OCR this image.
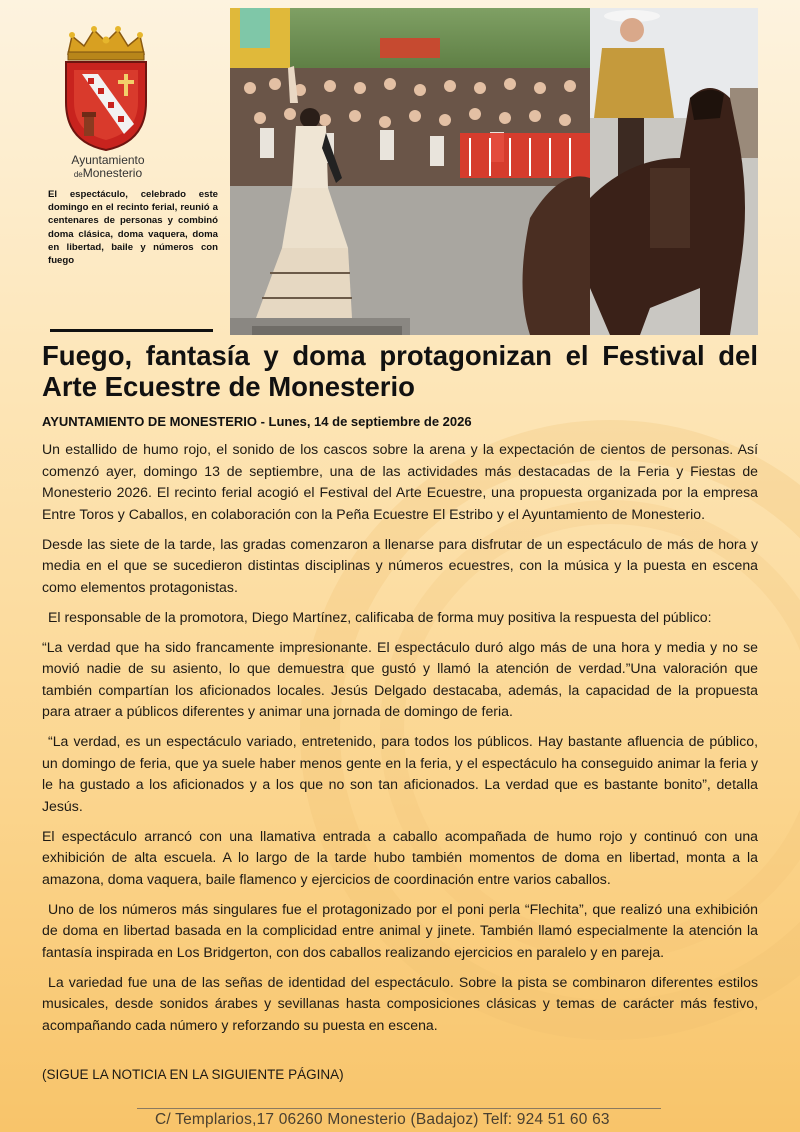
Ayuntamiento
deMonesterio
El espectáculo, celebrado este domingo en el recinto ferial, reunió a centenares de personas y combinó doma clásica, doma vaquera, doma en libertad, baile y números con fuego
Fuego, fantasía y doma protagonizan el Festival del Arte Ecuestre de Monesterio
AYUNTAMIENTO DE MONESTERIO - Lunes, 14 de septiembre de 2026

Un estallido de humo rojo, el sonido de los cascos sobre la arena y la expectación de cientos de personas. Así comenzó ayer, domingo 13 de septiembre, una de las actividades más destacadas de la Feria y Fiestas de Monesterio 2026. El recinto ferial acogió el Festival del Arte Ecuestre, una propuesta organizada por la empresa Entre Toros y Caballos, en colaboración con la Peña Ecuestre El Estribo y el Ayuntamiento de Monesterio.

Desde las siete de la tarde, las gradas comenzaron a llenarse para disfrutar de un espectáculo de más de hora y media en el que se sucedieron distintas disciplinas y números ecuestres, con la música y la puesta en escena como elementos protagonistas.

El responsable de la promotora, Diego Martínez, calificaba de forma muy positiva la respuesta del público:

“La verdad que ha sido francamente impresionante. El espectáculo duró algo más de una hora y media y no se movió nadie de su asiento, lo que demuestra que gustó y llamó la atención de verdad.”Una valoración que también compartían los aficionados locales. Jesús Delgado destacaba, además, la capacidad de la propuesta para atraer a públicos diferentes y animar una jornada de domingo de feria.

“La verdad, es un espectáculo variado, entretenido, para todos los públicos. Hay bastante afluencia de público, un domingo de feria, que ya suele haber menos gente en la feria, y el espectáculo ha conseguido animar la feria y le ha gustado a los aficionados y a los que no son tan aficionados. La verdad que es bastante bonito”, detalla Jesús.

El espectáculo arrancó con una llamativa entrada a caballo acompañada de humo rojo y continuó con una exhibición de alta escuela. A lo largo de la tarde hubo también momentos de doma en libertad, monta a la amazona, doma vaquera, baile flamenco y ejercicios de coordinación entre varios caballos.

Uno de los números más singulares fue el protagonizado por el poni perla “Flechita”, que realizó una exhibición de doma en libertad basada en la complicidad entre animal y jinete. También llamó especialmente la atención la fantasía inspirada en Los Bridgerton, con dos caballos realizando ejercicios en paralelo y en pareja.

La variedad fue una de las señas de identidad del espectáculo. Sobre la pista se combinaron diferentes estilos musicales, desde sonidos árabes y sevillanas hasta composiciones clásicas y temas de carácter más festivo, acompañando cada número y reforzando su puesta en escena.

(SIGUE LA NOTICIA EN LA SIGUIENTE PÁGINA)
C/ Templarios,17 06260 Monesterio (Badajoz) Telf: 924 51 60 63
